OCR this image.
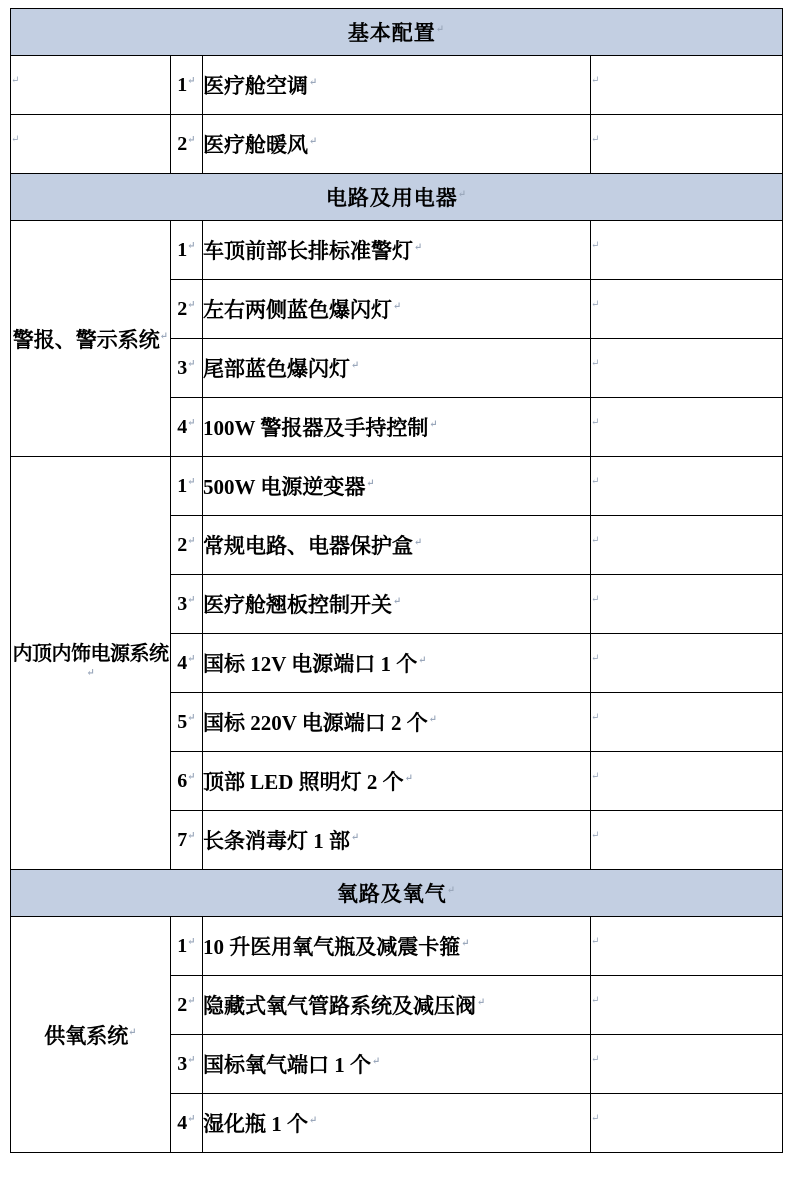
基本配置↵
↵	1↵	医疗舱空调↵	↵
↵	2↵	医疗舱暖风↵	↵
电路及用电器↵
警报、警示系统↵	1↵	车顶前部长排标准警灯↵	↵
	2↵	左右两侧蓝色爆闪灯↵	↵
	3↵	尾部蓝色爆闪灯↵	↵
	4↵	100W 警报器及手持控制↵	↵
内顶内饰电源系统↵	1↵	500W 电源逆变器↵	↵
	2↵	常规电路、电器保护盒↵	↵
	3↵	医疗舱翘板控制开关↵	↵
	4↵	国标 12V 电源端口 1 个↵	↵
	5↵	国标 220V 电源端口 2 个↵	↵
	6↵	顶部 LED 照明灯 2 个↵	↵
	7↵	长条消毒灯 1 部↵	↵
氧路及氧气↵
供氧系统↵	1↵	10 升医用氧气瓶及减震卡箍↵	↵
	2↵	隐藏式氧气管路系统及减压阀↵	↵
	3↵	国标氧气端口 1 个↵	↵
	4↵	湿化瓶 1 个↵	↵
